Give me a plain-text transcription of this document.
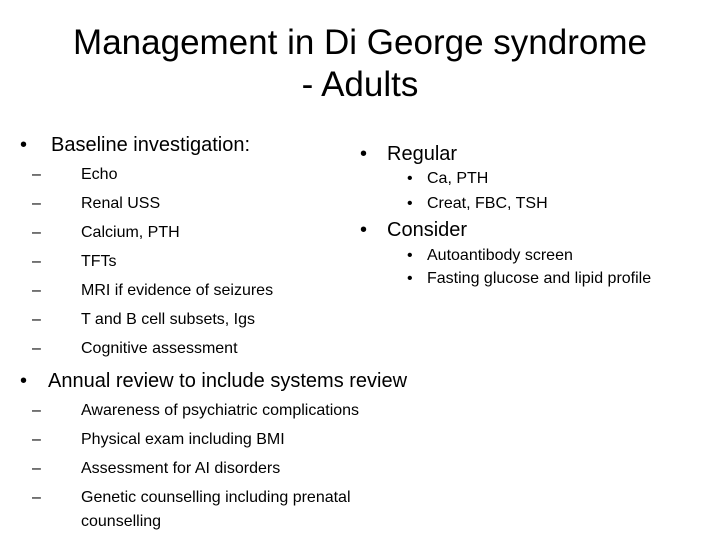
Management in Di George syndrome
- Adults
• Baseline investigation:
–	Echo
–	Renal USS
–	Calcium, PTH
–	TFTs
–	MRI if evidence of seizures
–	T and B cell subsets, Igs
–	Cognitive assessment
• Regular
• Ca, PTH
• Creat, FBC, TSH
• Consider
• Autoantibody screen
• Fasting glucose and lipid profile
• Annual review to include systems review
–	Awareness of psychiatric complications
–	Physical exam including BMI
–	Assessment for AI disorders
–	Genetic counselling including prenatal counselling
